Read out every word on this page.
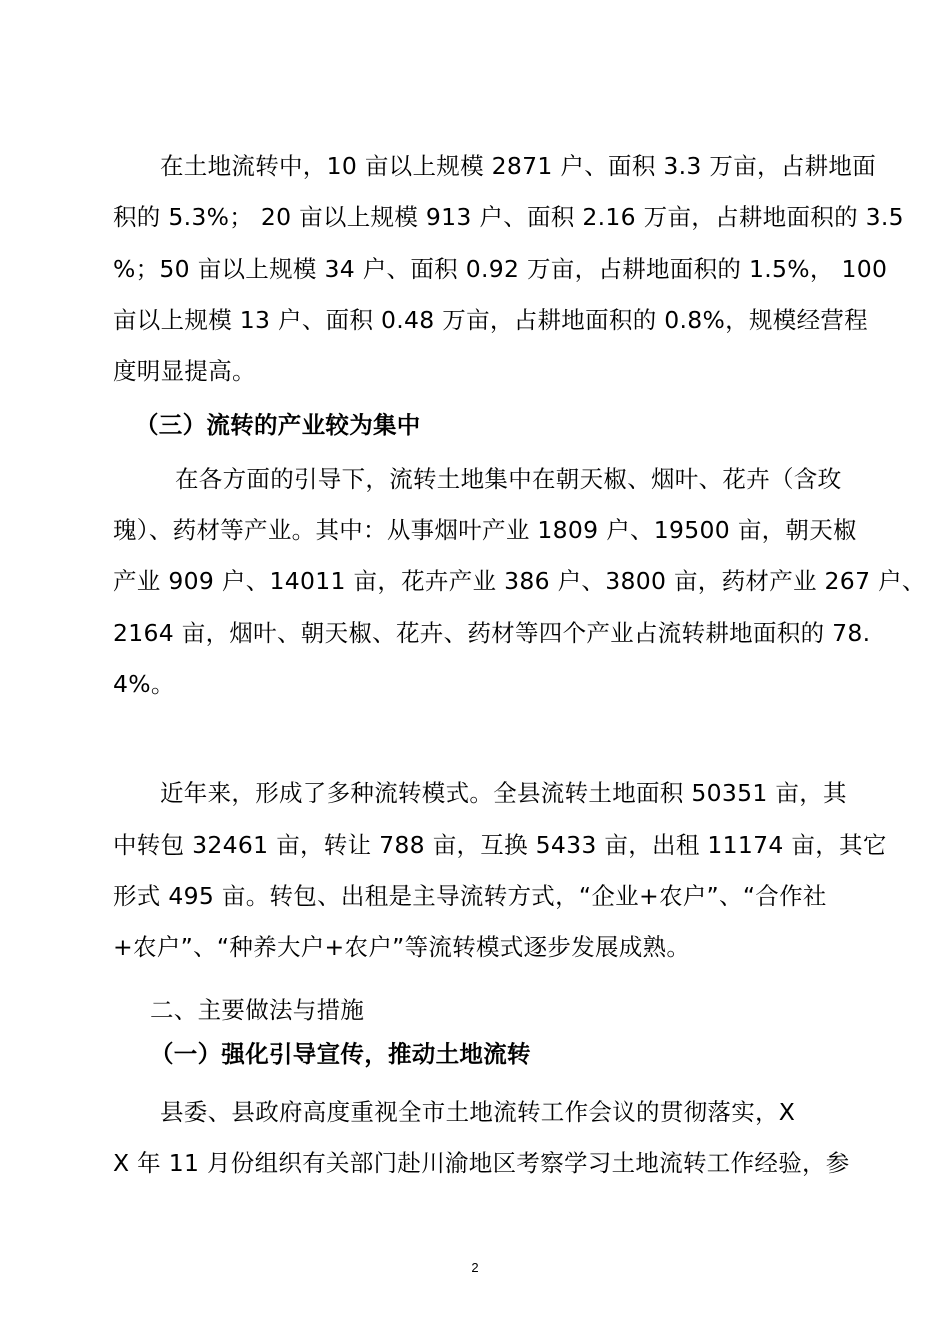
在土地流转中，10 亩以上规模 2871 户、面积 3.3 万亩，占耕地面

积的 5.3%； 20 亩以上规模 913 户、面积 2.16 万亩，占耕地面积的 3.5

%；50 亩以上规模 34 户、面积 0.92 万亩，占耕地面积的 1.5%， 100

亩以上规模 13 户、面积 0.48 万亩，占耕地面积的 0.8%，规模经营程

度明显提高。

（三）流转的产业较为集中

在各方面的引导下，流转土地集中在朝天椒、烟叶、花卉（含玫

瑰）、药材等产业。其中：从事烟叶产业 1809 户、19500 亩，朝天椒

产业 909 户、14011 亩，花卉产业 386 户、3800 亩，药材产业 267 户、

2164 亩，烟叶、朝天椒、花卉、药材等四个产业占流转耕地面积的 78.

4%。

近年来，形成了多种流转模式。全县流转土地面积 50351 亩，其

中转包 32461 亩，转让 788 亩，互换 5433 亩，出租 11174 亩，其它

形式 495 亩。转包、出租是主导流转方式，“企业+农户”、“合作社

+农户”、“种养大户+农户”等流转模式逐步发展成熟。

二、主要做法与措施

（一）强化引导宣传，推动土地流转

县委、县政府高度重视全市土地流转工作会议的贯彻落实，X

X 年 11 月份组织有关部门赴川渝地区考察学习土地流转工作经验，参

2
